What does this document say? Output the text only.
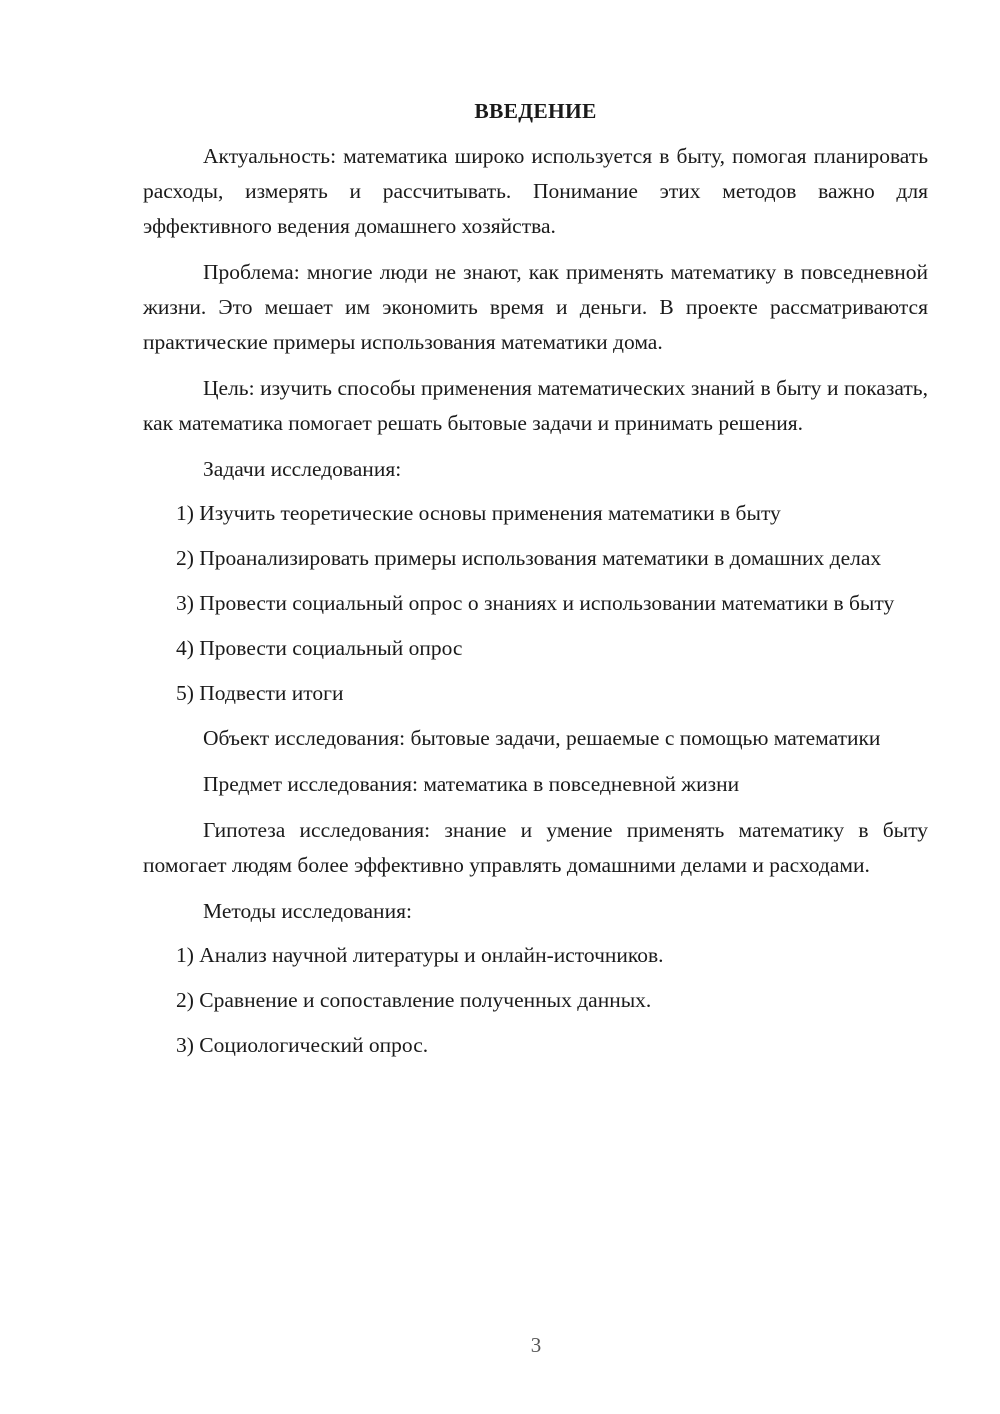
ВВЕДЕНИЕ
Актуальность: математика широко используется в быту, помогая планировать расходы, измерять и рассчитывать. Понимание этих методов важно для эффективного ведения домашнего хозяйства.
Проблема: многие люди не знают, как применять математику в повседневной жизни. Это мешает им экономить время и деньги. В проекте рассматриваются практические примеры использования математики дома.
Цель: изучить способы применения математических знаний в быту и показать, как математика помогает решать бытовые задачи и принимать решения.
Задачи исследования:
1) Изучить теоретические основы применения математики в быту
2) Проанализировать примеры использования математики в домашних делах
3) Провести социальный опрос о знаниях и использовании математики в быту
4) Провести социальный опрос
5) Подвести итоги
Объект исследования: бытовые задачи, решаемые с помощью математики
Предмет исследования: математика в повседневной жизни
Гипотеза исследования: знание и умение применять математику в быту помогает людям более эффективно управлять домашними делами и расходами.
Методы исследования:
1) Анализ научной литературы и онлайн-источников.
2) Сравнение и сопоставление полученных данных.
3) Социологический опрос.
3
